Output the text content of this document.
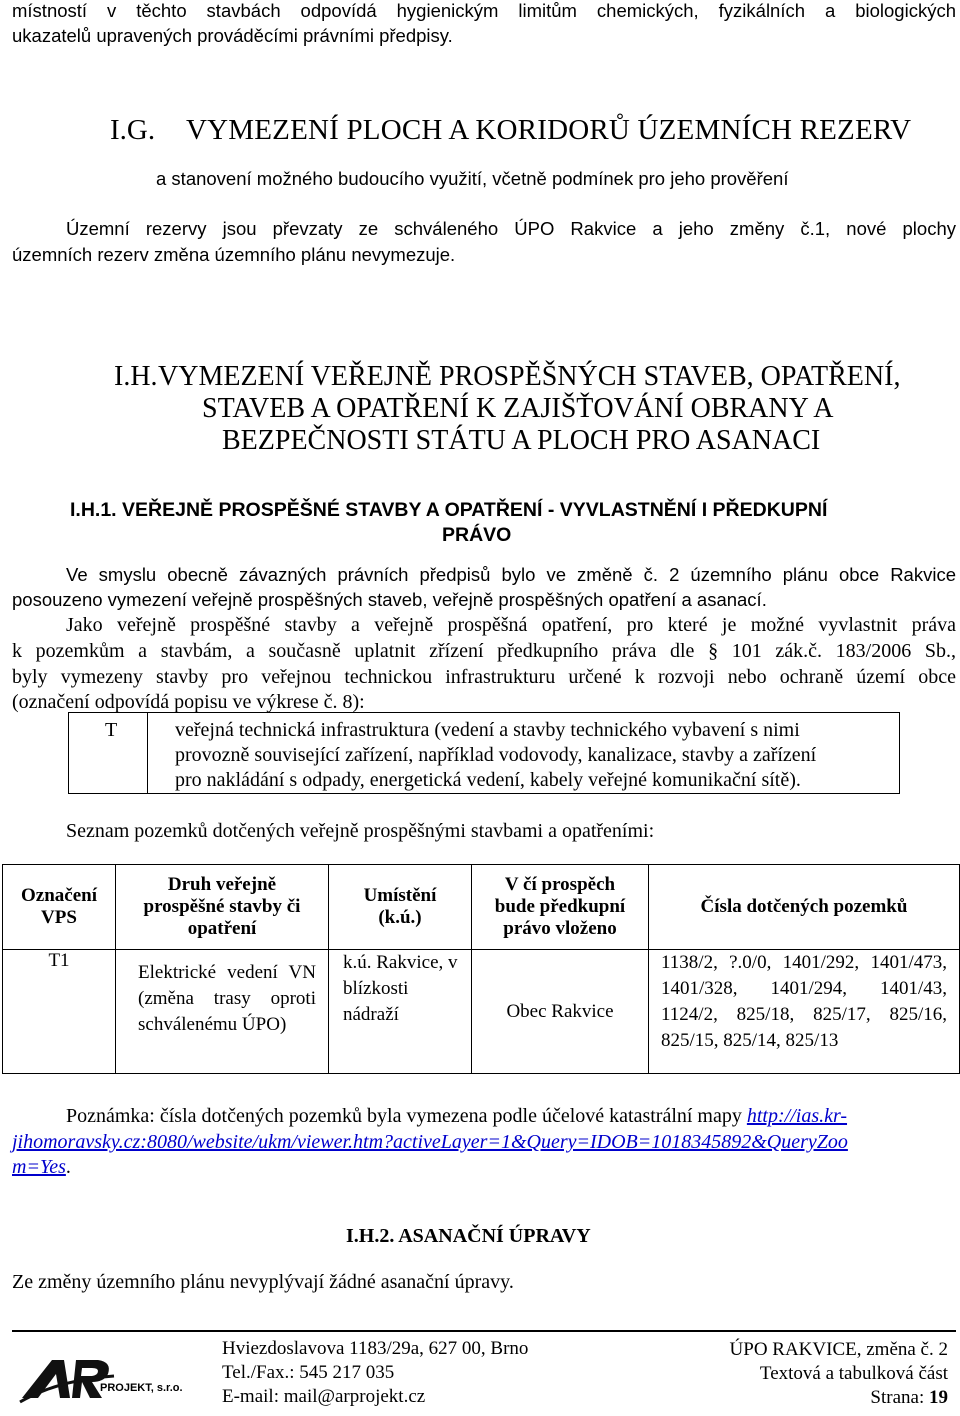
místností v těchto stavbách odpovídá hygienickým limitům chemických, fyzikálních a biologických
ukazatelů upravených prováděcími právními předpisy.
I.G. VYMEZENÍ PLOCH A KORIDORŮ ÚZEMNÍCH REZERV
a stanovení možného budoucího využití, včetně podmínek pro jeho prověření
Územní rezervy jsou převzaty ze schváleného ÚPO Rakvice a jeho změny č.1, nové plochy
územních rezerv změna územního plánu nevymezuje.
I.H. VYMEZENÍ VEŘEJNĚ PROSPĚŠNÝCH STAVEB, OPATŘENÍ,
STAVEB A OPATŘENÍ K ZAJIŠŤOVÁNÍ OBRANY A
BEZPEČNOSTI STÁTU A PLOCH PRO ASANACI
I.H.1. VEŘEJNĚ PROSPĚŠNÉ STAVBY A OPATŘENÍ - VYVLASTNĚNÍ I PŘEDKUPNÍ
PRÁVO
Ve smyslu obecně závazných právních předpisů bylo ve změně č. 2 územního plánu obce Rakvice
posouzeno vymezení veřejně prospěšných staveb, veřejně prospěšných opatření a asanací.
Jako veřejně prospěšné stavby a veřejně prospěšná opatření, pro které je možné vyvlastnit práva
k pozemkům a stavbám, a současně uplatnit zřízení předkupního práva dle § 101 zák.č. 183/2006 Sb.,
byly vymezeny stavby pro veřejnou technickou infrastrukturu určené k rozvoji nebo ochraně území obce
(označení odpovídá popisu ve výkrese č. 8):
T	veřejná technická infrastruktura (vedení a stavby technického vybavení s nimi
provozně související zařízení, například vodovody, kanalizace, stavby a zařízení
pro nakládání s odpady, energetická vedení, kabely veřejné komunikační sítě).
Seznam pozemků dotčených veřejně prospěšnými stavbami a opatřeními:
Označení VPS	Druh veřejně prospěšné stavby či opatření	Umístění (k.ú.)	V čí prospěch bude předkupní právo vloženo	Čísla dotčených pozemků

T1	Elektrické vedení VN (změna trasy oproti schválenému ÚPO)	k.ú. Rakvice, v blízkosti nádraží	Obec Rakvice	1138/2, ?.0/0, 1401/292, 1401/473, 1401/328, 1401/294, 1401/43, 1124/2, 825/18, 825/17, 825/16, 825/15, 825/14, 825/13
Poznámka: čísla dotčených pozemků byla vymezena podle účelové katastrální mapy http://ias.kr-
jihomoravsky.cz:8080/website/ukm/viewer.htm?activeLayer=1&Query=IDOB=1018345892&QueryZoo
m=Yes.
I.H.2. ASANAČNÍ ÚPRAVY
Ze změny územního plánu nevyplývají žádné asanační úpravy.
PROJEKT, s.r.o.
Hviezdoslavova 1183/29a, 627 00, Brno
Tel./Fax.: 545 217 035
E-mail: mail@arprojekt.cz
ÚPO RAKVICE, změna č. 2
Textová a tabulková část
Strana: 19
